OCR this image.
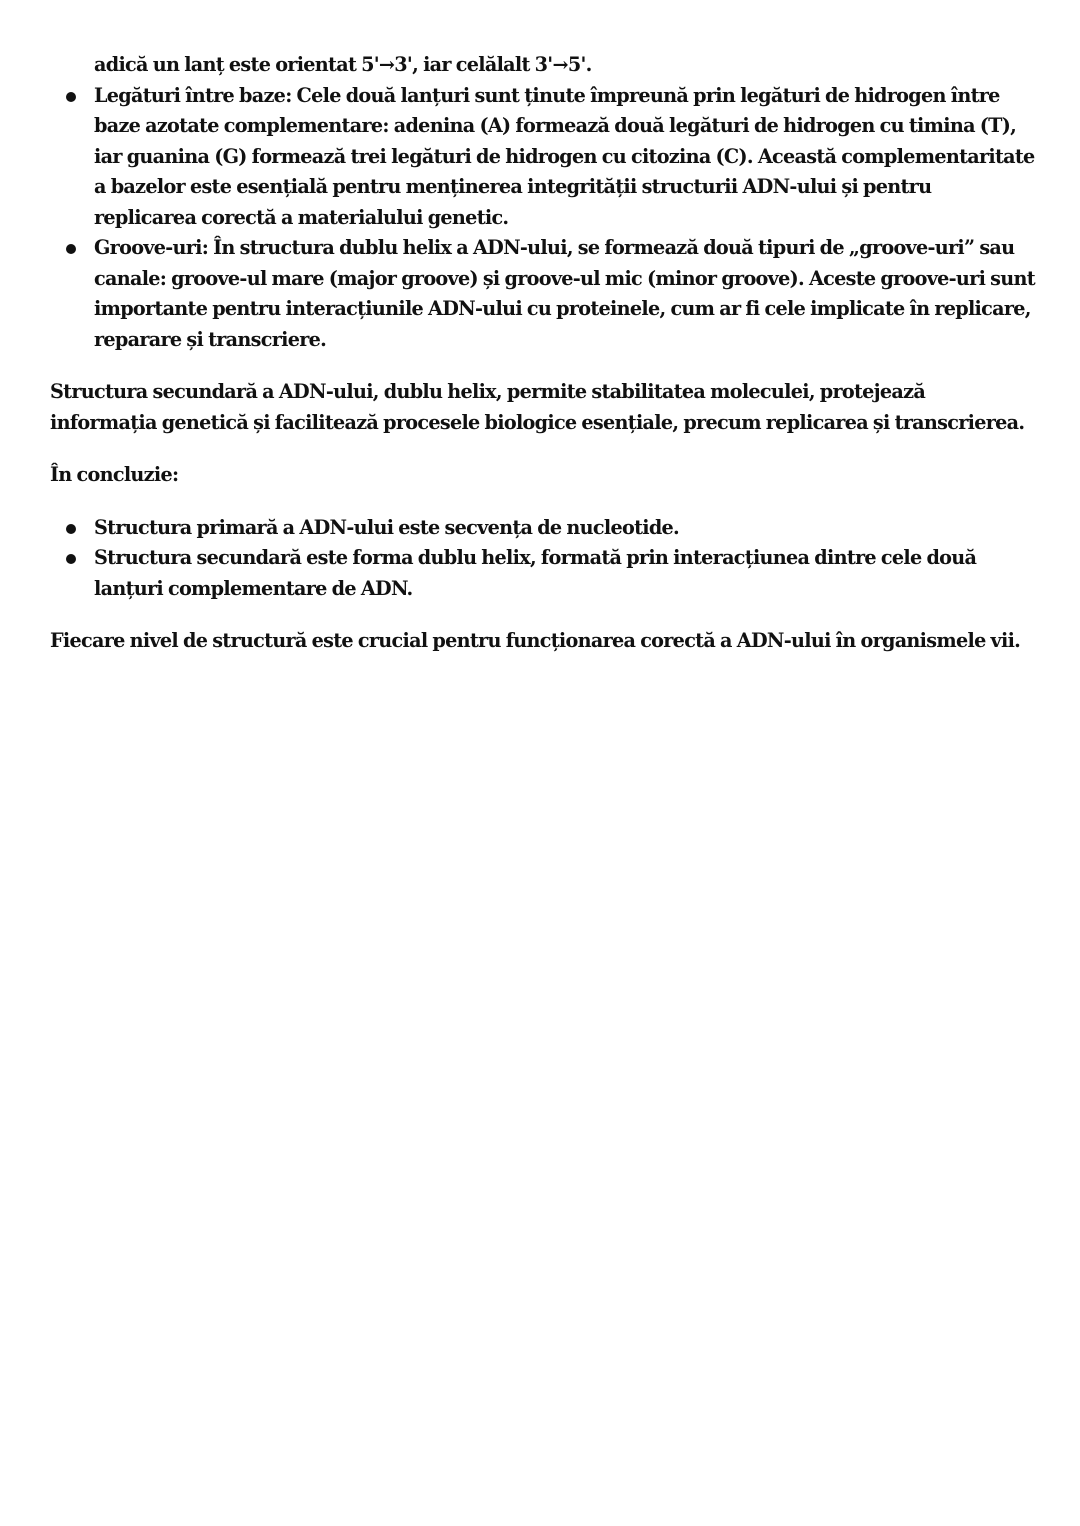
adică un lanț este orientat 5'→3', iar celălalt 3'→5'.
Legături între baze: Cele două lanțuri sunt ținute împreună prin legături de hidrogen între baze azotate complementare: adenina (A) formează două legături de hidrogen cu timina (T), iar guanina (G) formează trei legături de hidrogen cu citozina (C). Această complementaritate a bazelor este esențială pentru menținerea integrității structurii ADN-ului și pentru replicarea corectă a materialului genetic.
Groove-uri: În structura dublu helix a ADN-ului, se formează două tipuri de „groove-uri” sau canale: groove-ul mare (major groove) și groove-ul mic (minor groove). Aceste groove-uri sunt importante pentru interacțiunile ADN-ului cu proteinele, cum ar fi cele implicate în replicare, reparare și transcriere.

Structura secundară a ADN-ului, dublu helix, permite stabilitatea moleculei, protejează informația genetică și facilitează procesele biologice esențiale, precum replicarea și transcrierea.

În concluzie:

Structura primară a ADN-ului este secvența de nucleotide.
Structura secundară este forma dublu helix, formată prin interacțiunea dintre cele două lanțuri complementare de ADN.

Fiecare nivel de structură este crucial pentru funcționarea corectă a ADN-ului în organismele vii.
